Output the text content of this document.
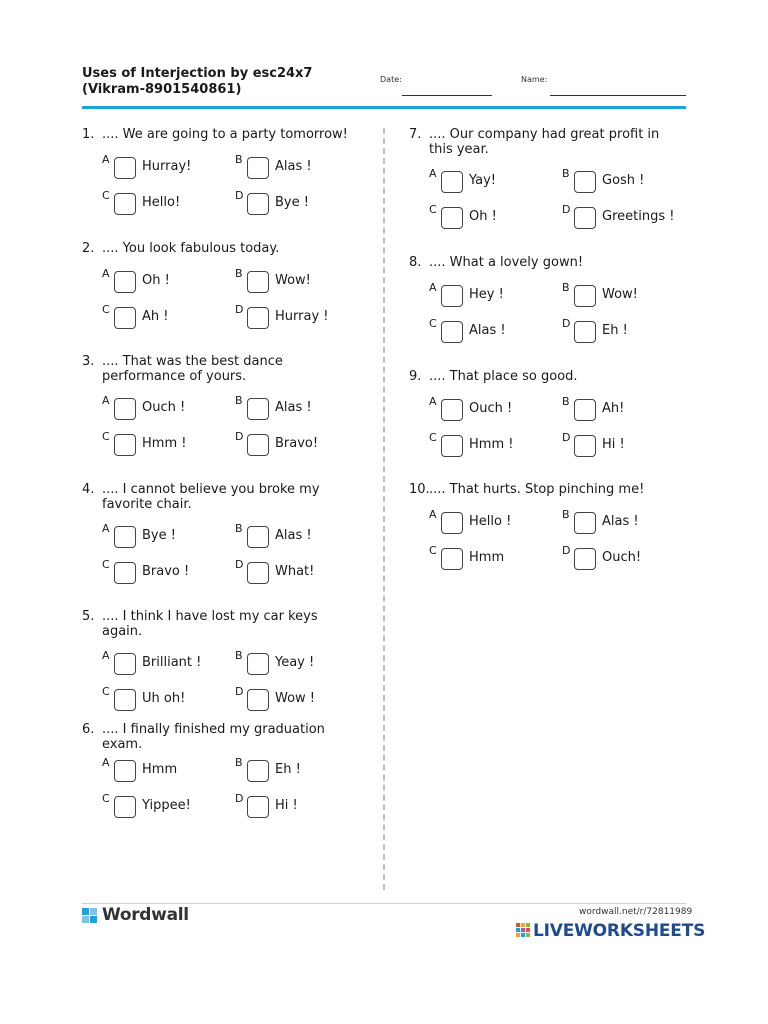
Uses of Interjection by esc24x7 (Vikram-8901540861)
Date:	Name:
1. .... We are going to a party tomorrow!
A Hurray!	B Alas !
C Hello!	D Bye !
2. .... You look fabulous today.
A Oh !	B Wow!
C Ah !	D Hurray !
3. .... That was the best dance performance of yours.
A Ouch !	B Alas !
C Hmm !	D Bravo!
4. .... I cannot believe you broke my favorite chair.
A Bye !	B Alas !
C Bravo !	D What!
5. .... I think I have lost my car keys again.
A Brilliant !	B Yeay !
C Uh oh!	D Wow !
6. .... I finally finished my graduation exam.
A Hmm	B Eh !
C Yippee!	D Hi !
7. .... Our company had great profit in this year.
A Yay!	B Gosh !
C Oh !	D Greetings !
8. .... What a lovely gown!
A Hey !	B Wow!
C Alas !	D Eh !
9. .... That place so good.
A Ouch !	B Ah!
C Hmm !	D Hi !
10. .... That hurts. Stop pinching me!
A Hello !	B Alas !
C Hmm	D Ouch!
Wordwall	wordwall.net/r/72811989
LIVEWORKSHEETS
